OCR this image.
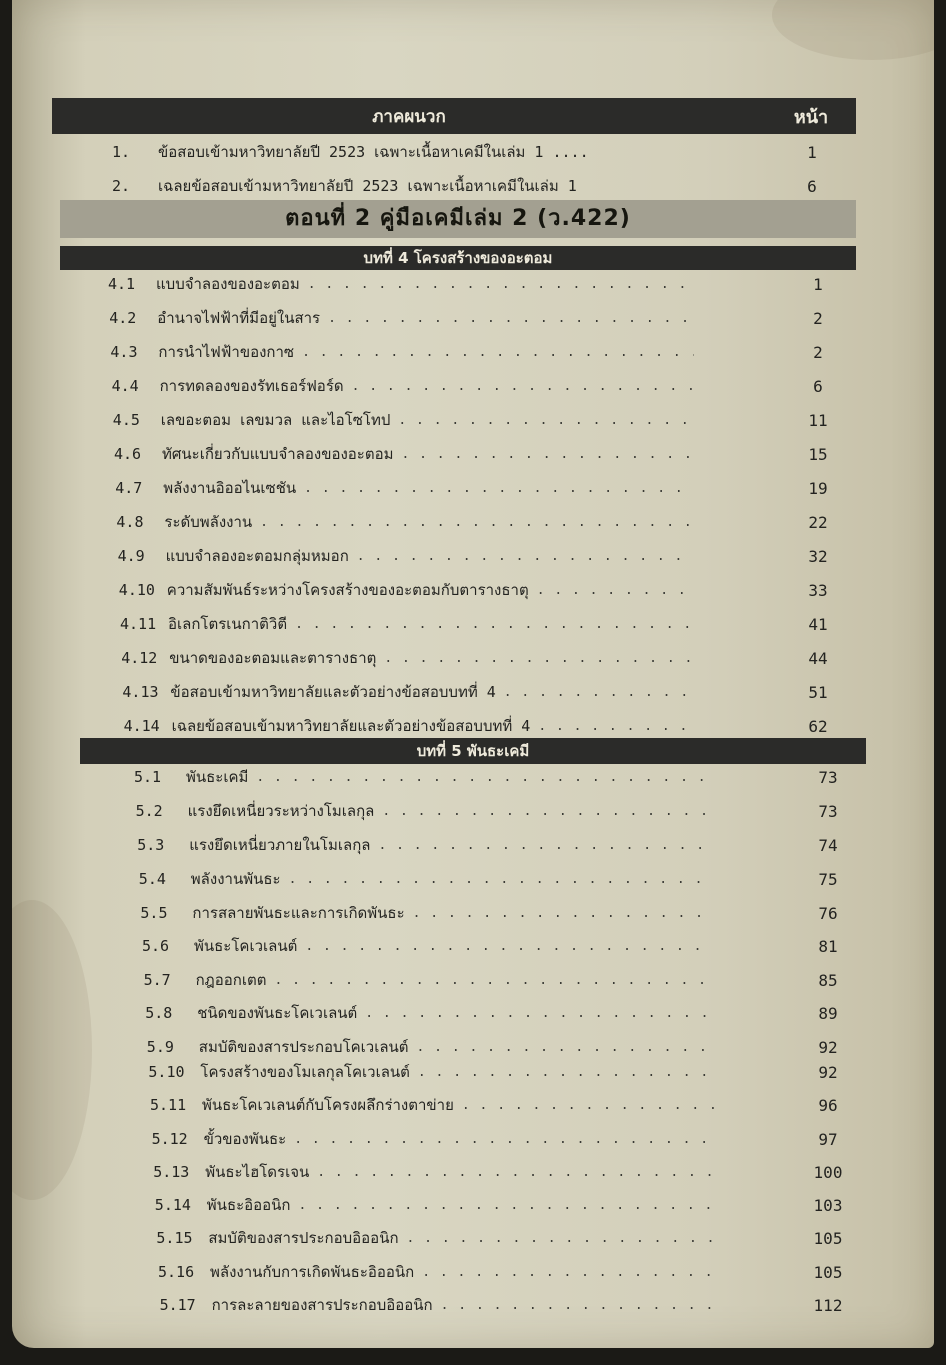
ภาคผนวก	หน้า
1.	ข้อสอบเข้ามหาวิทยาลัยปี 2523 เฉพาะเนื้อหาเคมีในเล่ม 1 ....	1
2.	เฉลยข้อสอบเข้ามหาวิทยาลัยปี 2523 เฉพาะเนื้อหาเคมีในเล่ม 1	6
ตอนที่ 2 คู่มือเคมีเล่ม 2 (ว.422)
บทที่ 4 โครงสร้างของอะตอม
4.1	แบบจำลองของอะตอม . . .	1
4.2	อำนาจไฟฟ้าที่มีอยู่ในสาร . . .	2
4.3	การนำไฟฟ้าของกาซ . . .	2
4.4	การทดลองของรัทเธอร์ฟอร์ด . . .	6
4.5	เลขอะตอม เลขมวล และไอโซโทป . . .	11
4.6	ทัศนะเกี่ยวกับแบบจำลองของอะตอม . . .	15
4.7	พลังงานอิออไนเซชัน . . .	19
4.8	ระดับพลังงาน . . .	22
4.9	แบบจำลองอะตอมกลุ่มหมอก . . .	32
4.10 ความสัมพันธ์ระหว่างโครงสร้างของอะตอมกับตารางธาตุ . . .	33
4.11 อิเลกโตรเนกาติวิตี . . .	41
4.12 ขนาดของอะตอมและตารางธาตุ . . .	44
4.13 ข้อสอบเข้ามหาวิทยาลัยและตัวอย่างข้อสอบบทที่ 4 . . .	51
4.14 เฉลยข้อสอบเข้ามหาวิทยาลัยและตัวอย่างข้อสอบบทที่ 4 . . .	62
บทที่ 5 พันธะเคมี
5.1	พันธะเคมี . . .	73
5.2	แรงยึดเหนี่ยวระหว่างโมเลกุล . . .	73
5.3	แรงยึดเหนี่ยวภายในโมเลกุล . . .	74
5.4	พลังงานพันธะ . . .	75
5.5	การสลายพันธะและการเกิดพันธะ . . .	76
5.6	พันธะโคเวเลนต์ . . .	81
5.7	กฎออกเตต . . .	85
5.8	ชนิดของพันธะโคเวเลนต์ . . .	89
5.9	สมบัติของสารประกอบโคเวเลนต์ . . .	92
5.10	โครงสร้างของโมเลกุลโคเวเลนต์ . . .	92
5.11	พันธะโคเวเลนต์กับโครงผลึกร่างตาข่าย . . .	96
5.12	ขั้วของพันธะ . . .	97
5.13	พันธะไฮโดรเจน . . .	100
5.14	พันธะอิออนิก . . .	103
5.15	สมบัติของสารประกอบอิออนิก . . .	105
5.16	พลังงานกับการเกิดพันธะอิออนิก . . .	105
5.17	การละลายของสารประกอบอิออนิก . . .	112
